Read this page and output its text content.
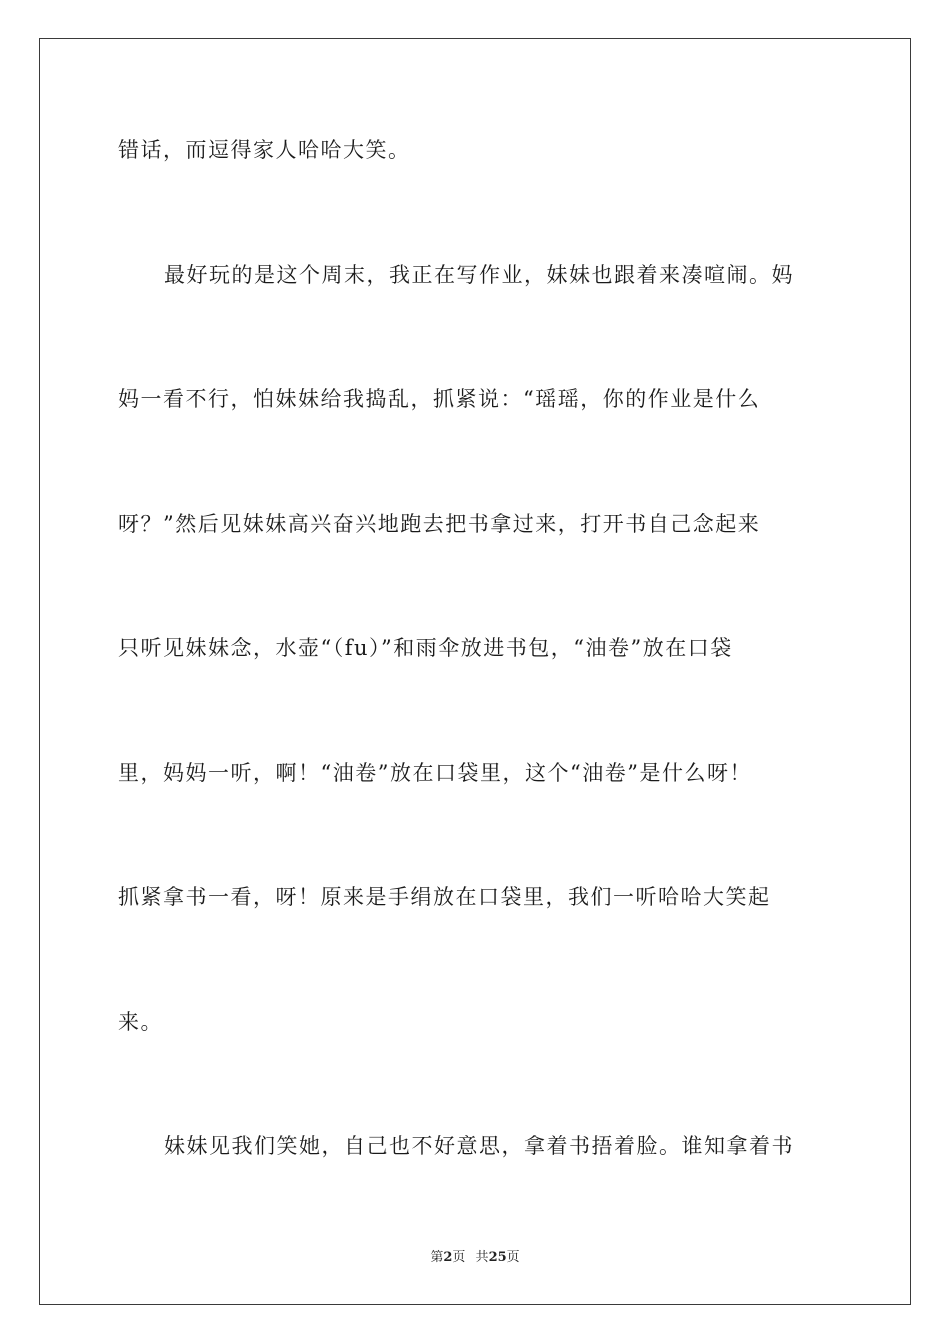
错话，而逗得家人哈哈大笑。
最好玩的是这个周末，我正在写作业，妹妹也跟着来凑喧闹。妈
妈一看不行，怕妹妹给我捣乱，抓紧说：“瑶瑶，你的作业是什么
呀？”然后见妹妹高兴奋兴地跑去把书拿过来，打开书自己念起来
只听见妹妹念，水壶“（fu）”和雨伞放进书包，“油卷”放在口袋
里，妈妈一听，啊！“油卷”放在口袋里，这个“油卷”是什么呀！
抓紧拿书一看，呀！原来是手绢放在口袋里，我们一听哈哈大笑起
来。
妹妹见我们笑她，自己也不好意思，拿着书捂着脸。谁知拿着书
第2页 共25页
